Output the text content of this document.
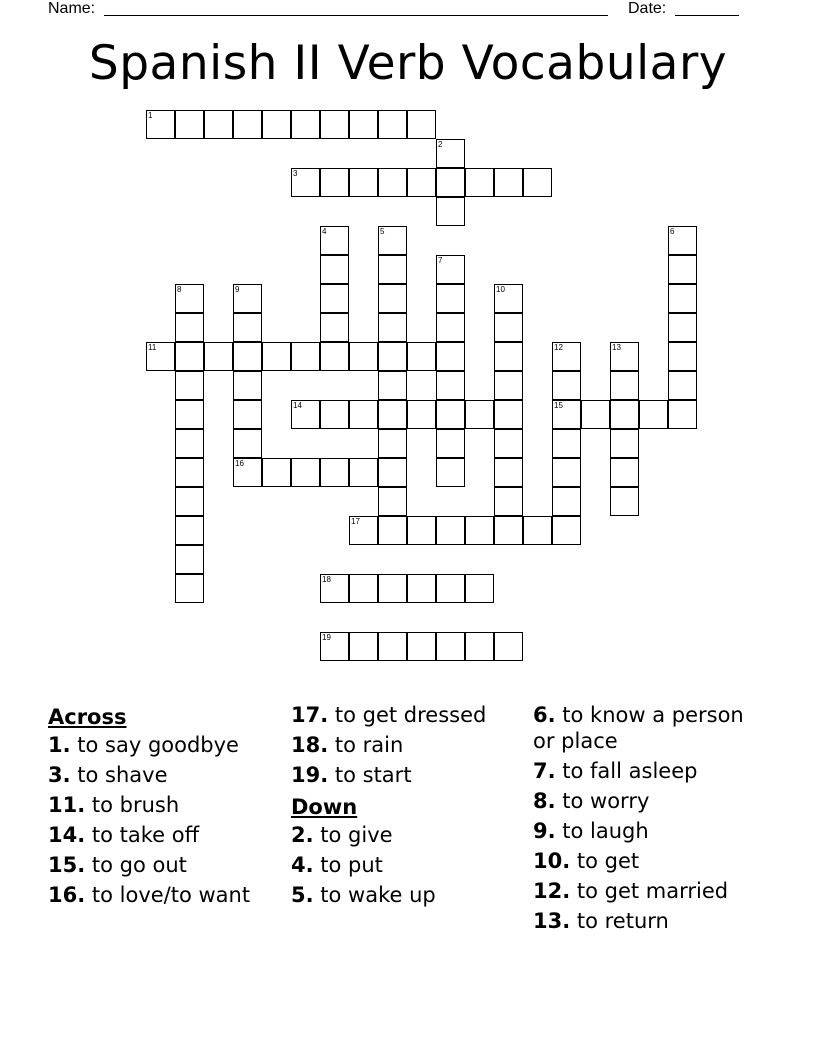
Name:	Date:
Spanish II Verb Vocabulary
1
2
3
4	5	6
7
8	9	10
11	12
15
13
14
16
17
18
19
Across
1. to say goodbye
3. to shave
11. to brush
14. to take off
15. to go out
16. to love/to want
17. to get dressed
18. to rain
19. to start
Down
2. to give
4. to put
5. to wake up
6. to know a person or place
7. to fall asleep
8. to worry
9. to laugh
10. to get
12. to get married
13. to return
